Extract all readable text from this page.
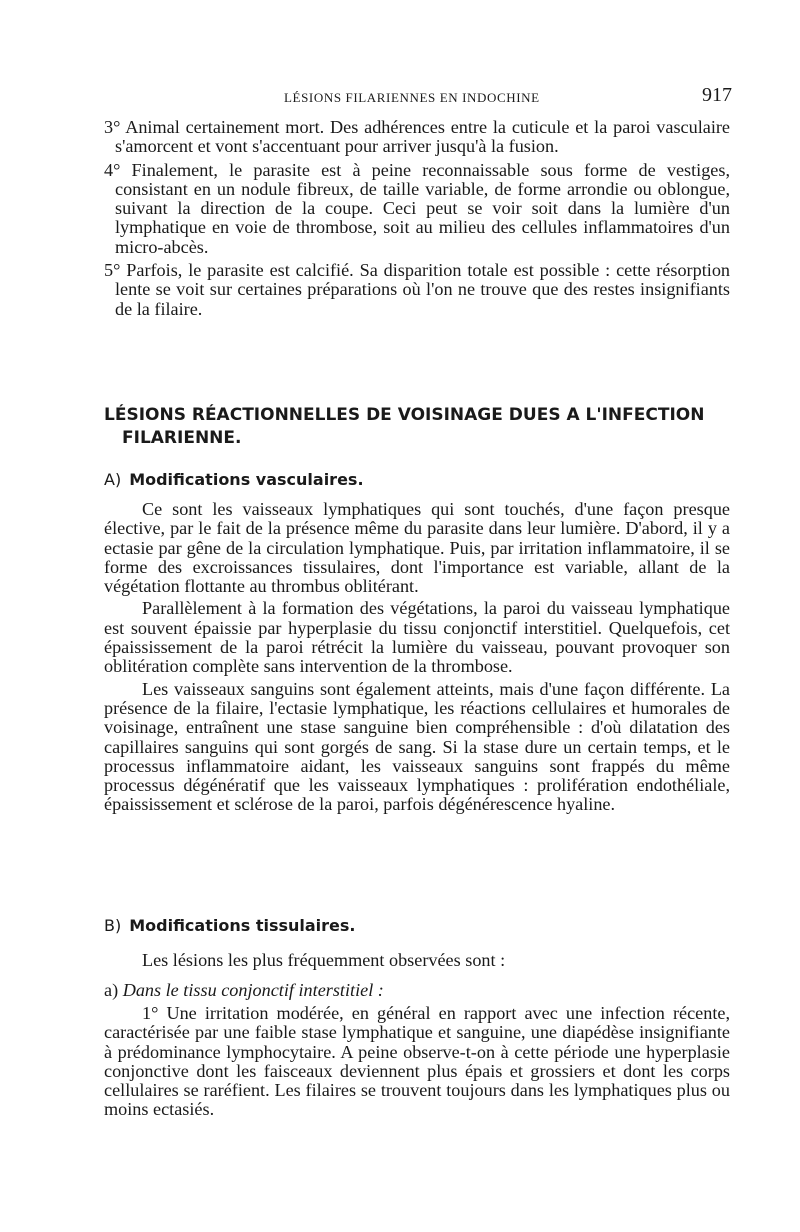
LÉSIONS FILARIENNES EN INDOCHINE	917

3° Animal certainement mort. Des adhérences entre la cuticule et la paroi vasculaire s'amorcent et vont s'accentuant pour arriver jusqu'à la fusion.

4° Finalement, le parasite est à peine reconnaissable sous forme de vestiges, consistant en un nodule fibreux, de taille variable, de forme arrondie ou oblongue, suivant la direction de la coupe. Ceci peut se voir soit dans la lumière d'un lymphatique en voie de thrombose, soit au milieu des cellules inflammatoires d'un micro-abcès.

5° Parfois, le parasite est calcifié. Sa disparition totale est possible : cette résorption lente se voit sur certaines préparations où l'on ne trouve que des restes insignifiants de la filaire.

LÉSIONS RÉACTIONNELLES DE VOISINAGE DUES A L'INFECTION
FILARIENNE.
A) Modifications vasculaires.

Ce sont les vaisseaux lymphatiques qui sont touchés, d'une façon presque élective, par le fait de la présence même du parasite dans leur lumière. D'abord, il y a ectasie par gêne de la circulation lymphatique. Puis, par irritation inflammatoire, il se forme des excroissances tissulaires, dont l'importance est variable, allant de la végétation flottante au thrombus oblitérant.

Parallèlement à la formation des végétations, la paroi du vaisseau lymphatique est souvent épaissie par hyperplasie du tissu conjonctif interstitiel. Quelquefois, cet épaississement de la paroi rétrécit la lumière du vaisseau, pouvant provoquer son oblitération complète sans intervention de la thrombose.

Les vaisseaux sanguins sont également atteints, mais d'une façon différente. La présence de la filaire, l'ectasie lymphatique, les réactions cellulaires et humorales de voisinage, entraînent une stase sanguine bien compréhensible : d'où dilatation des capillaires sanguins qui sont gorgés de sang. Si la stase dure un certain temps, et le processus inflammatoire aidant, les vaisseaux sanguins sont frappés du même processus dégénératif que les vaisseaux lymphatiques : prolifération endothéliale, épaississement et sclérose de la paroi, parfois dégénérescence hyaline.

B) Modifications tissulaires.
Les lésions les plus fréquemment observées sont :
a) Dans le tissu conjonctif interstitiel :

1° Une irritation modérée, en général en rapport avec une infection récente, caractérisée par une faible stase lymphatique et sanguine, une diapédèse insignifiante à prédominance lymphocytaire. A peine observe-t-on à cette période une hyperplasie conjonctive dont les faisceaux deviennent plus épais et grossiers et dont les corps cellulaires se raréfient. Les filaires se trouvent toujours dans les lymphatiques plus ou moins ectasiés.
